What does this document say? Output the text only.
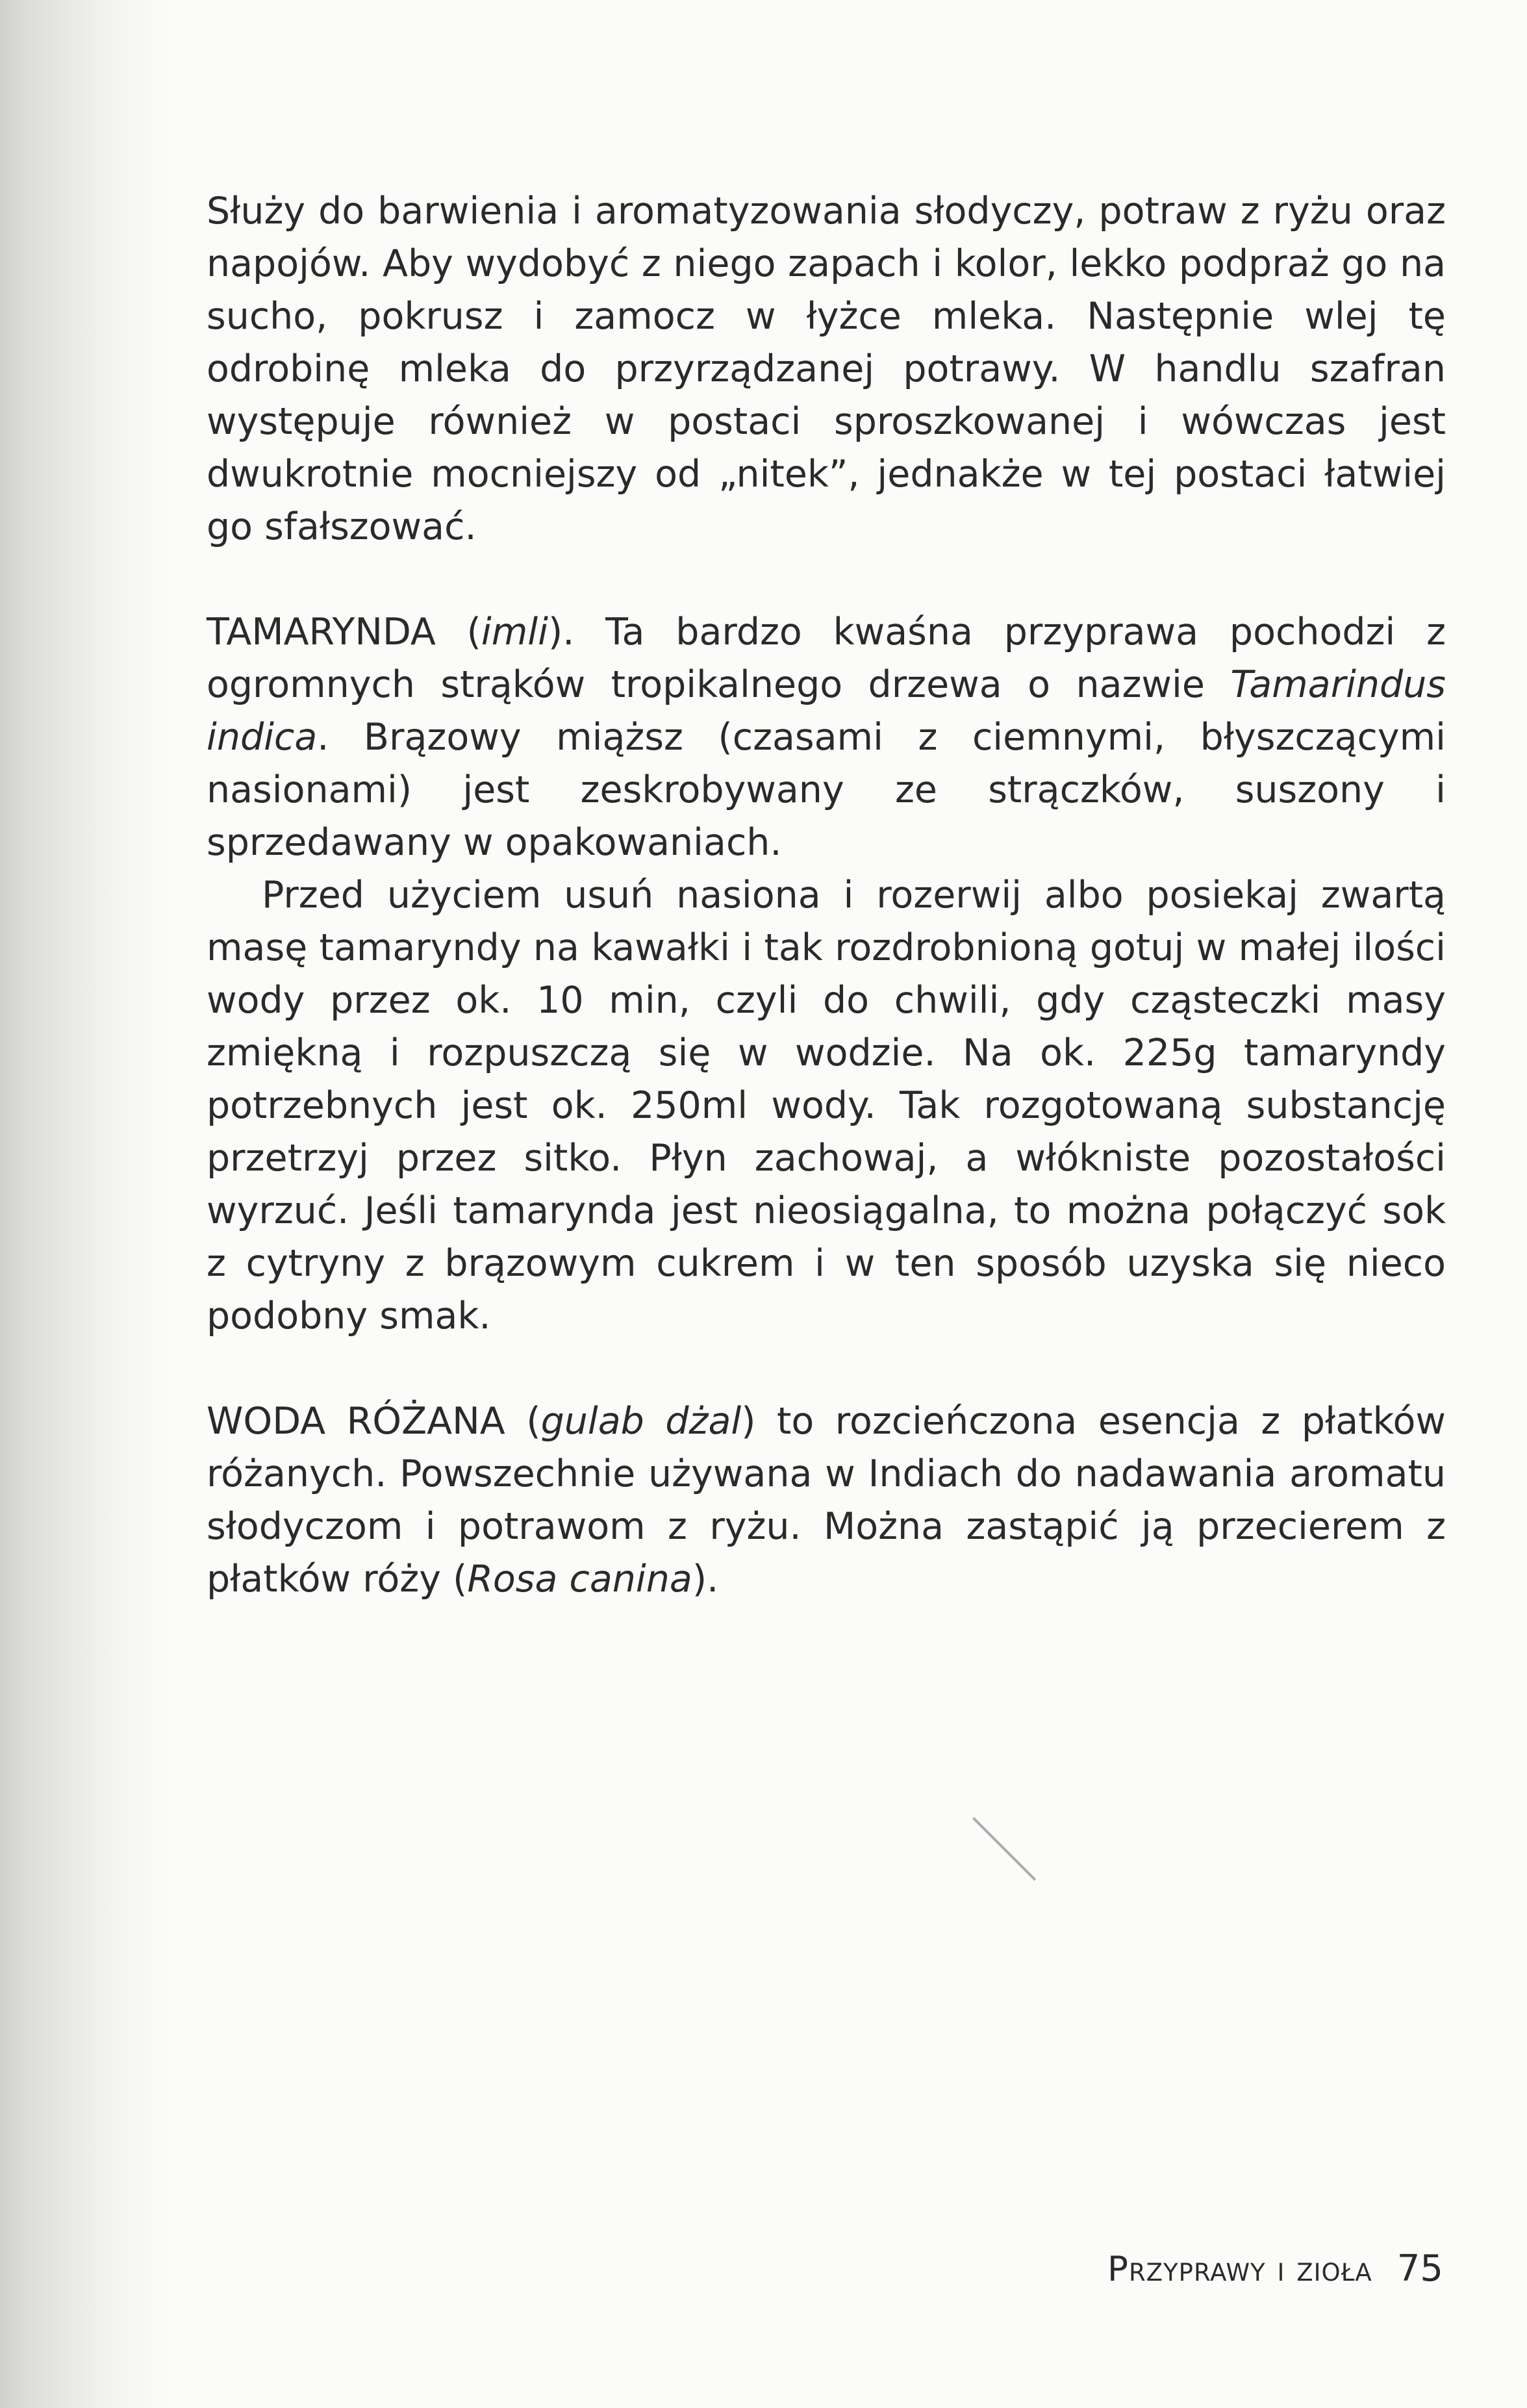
Służy do barwienia i aromatyzowania słodyczy, potraw z ryżu oraz napojów. Aby wydobyć z niego zapach i kolor, lekko podpraż go na sucho, pokrusz i zamocz w łyżce mleka. Następnie wlej tę odrobinę mleka do przyrządzanej potrawy. W handlu szafran występuje również w postaci sproszkowanej i wówczas jest dwukrotnie mocniejszy od „nitek”, jednakże w tej postaci łatwiej go sfałszować.

TAMARYNDA (imli). Ta bardzo kwaśna przyprawa pochodzi z ogromnych strąków tropikalnego drzewa o nazwie Tamarindus indica. Brązowy miąższ (czasami z ciemnymi, błyszczącymi nasionami) jest zeskrobywany ze strączków, suszony i sprzedawany w opakowaniach.

Przed użyciem usuń nasiona i rozerwij albo posiekaj zwartą masę tamaryndy na kawałki i tak rozdrobnioną gotuj w małej ilości wody przez ok. 10 min, czyli do chwili, gdy cząsteczki masy zmiękną i rozpuszczą się w wodzie. Na ok. 225g tamaryndy potrzebnych jest ok. 250ml wody. Tak rozgotowaną substancję przetrzyj przez sitko. Płyn zachowaj, a włókniste pozostałości wyrzuć. Jeśli tamarynda jest nieosiągalna, to można połączyć sok z cytryny z brązowym cukrem i w ten sposób uzyska się nieco podobny smak.

WODA RÓŻANA (gulab dżal) to rozcieńczona esencja z płatków różanych. Powszechnie używana w Indiach do nadawania aromatu słodyczom i potrawom z ryżu. Można zastąpić ją przecierem z płatków róży (Rosa canina).

Przyprawy i zioła 75
